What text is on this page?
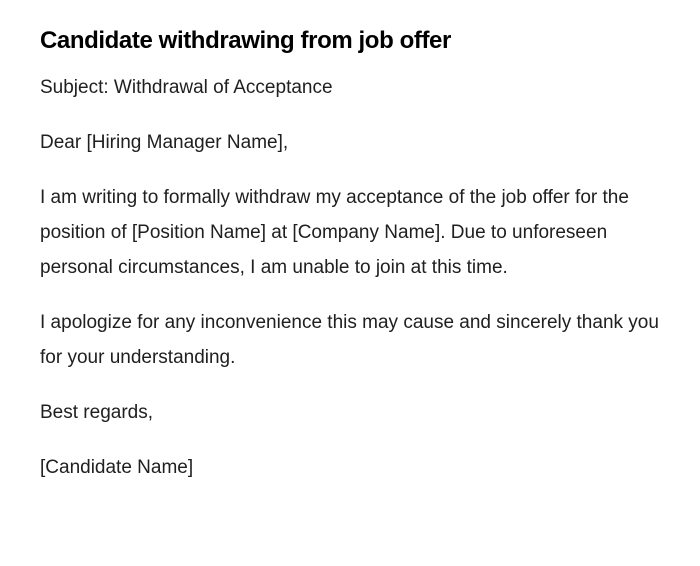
Candidate withdrawing from job offer

Subject: Withdrawal of Acceptance

Dear [Hiring Manager Name],

I am writing to formally withdraw my acceptance of the job offer for the position of [Position Name] at [Company Name]. Due to unforeseen personal circumstances, I am unable to join at this time.

I apologize for any inconvenience this may cause and sincerely thank you for your understanding.

Best regards,

[Candidate Name]
